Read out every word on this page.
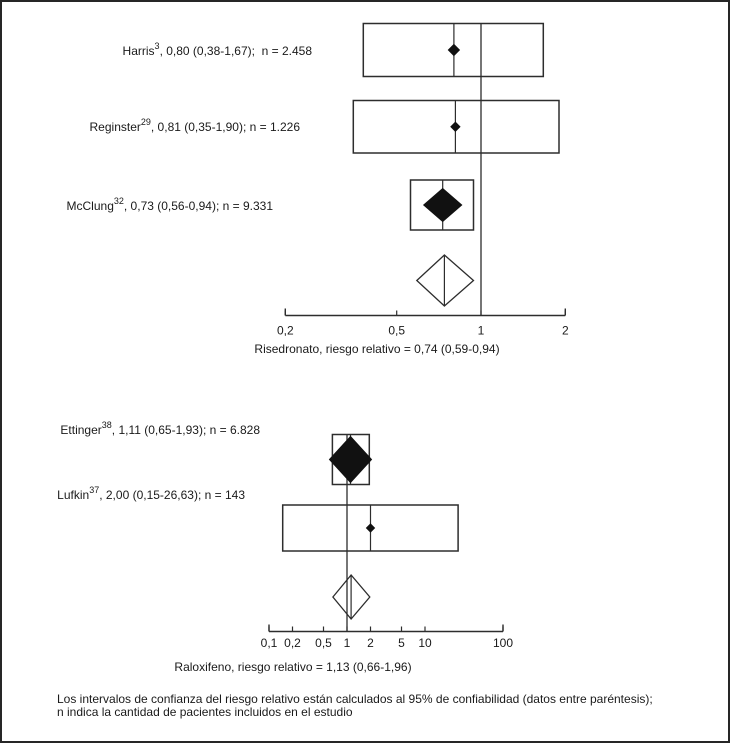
0,2	0,5	1	2
0,1 0,2 0,5 1 2 5 10	100
Harris$^3$, 0,80 (0,38-1,67);  n = 2.458
Reginster$^{29}$, 0,81 (0,35-1,90); n = 1.226
McClung$^{32}$, 0,73 (0,56-0,94); n = 9.331
Ettinger$^{38}$, 1,11 (0,65-1,93); n = 6.828
Lufkin$^{37}$, 2,00 (0,15-26,63); n = 143
Risedronato, riesgo relativo = 0,74 (0,59-0,94)
Raloxifeno, riesgo relativo = 1,13 (0,66-1,96)
Los intervalos de confianza del riesgo relativo están calculados al 95% de confiabilidad (datos entre paréntesis);
n indica la cantidad de pacientes incluidos en el estudio
